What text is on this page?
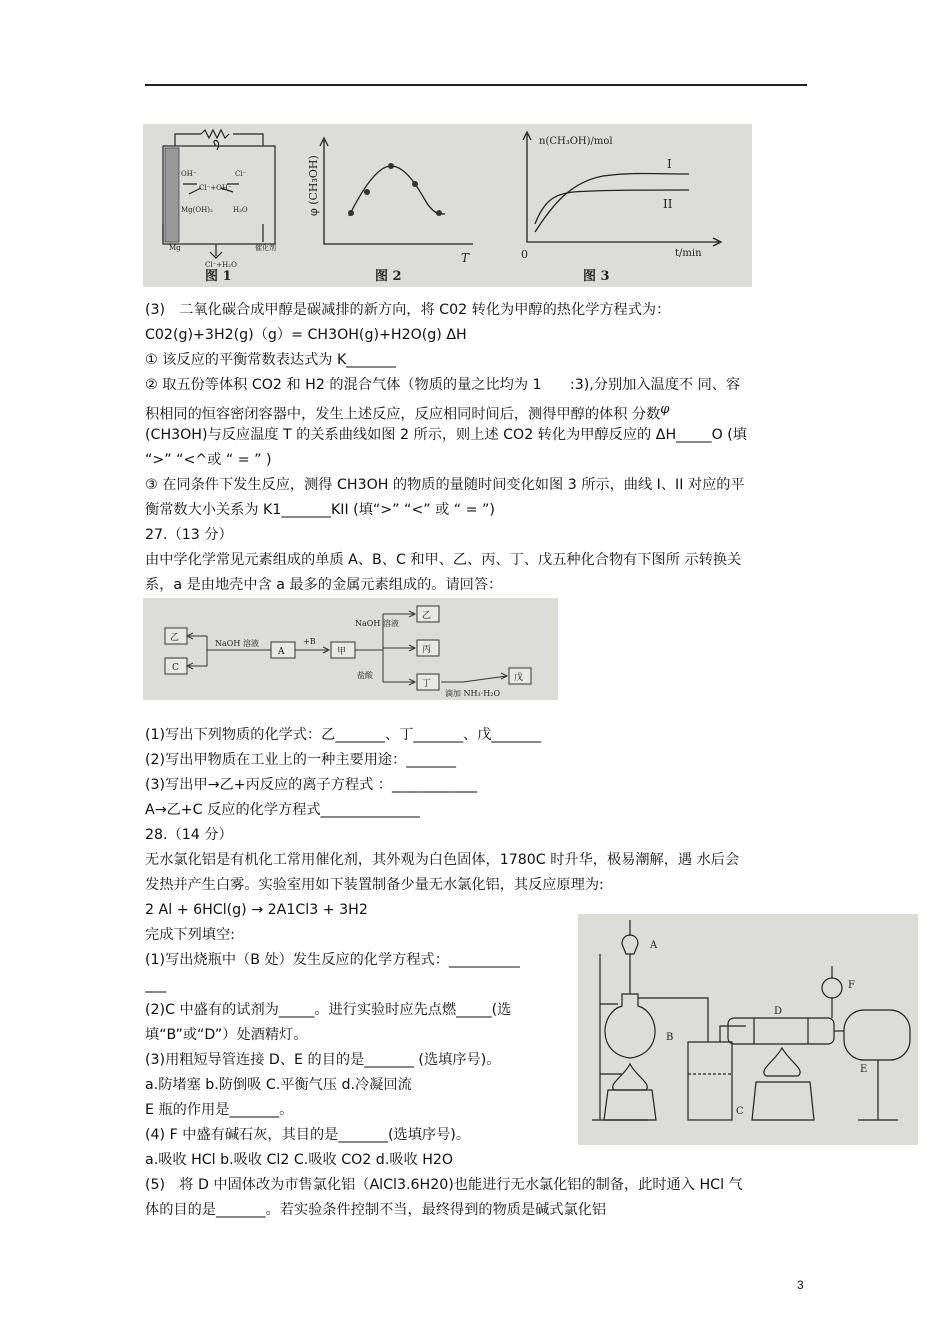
OH⁻	Cl⁻
Cl⁻+OH⁻
Mg(OH)₂	H₂O
Mg
Cl⁻+H₂O
催化剂
图 1
φ (CH₃OH)
T
图 2
n(CH₃OH)/mol
I
II
0	t/min
图 3
(3)　二氧化碳合成甲醇是碳减排的新方向，将 C02 转化为甲醇的热化学方程式为：
C02(g)+3H2(g)（g）= CH3OH(g)+H2O(g) ΔH
① 该反应的平衡常数表达式为 K_______
② 取五份等体积 CO2 和 H2 的混合气体（物质的量之比均为 1　　:3),分别加入温度不 同、容
积相同的恒容密闭容器中，发生上述反应，反应相同时间后，测得甲醇的体积 分数$^\varphi$
(CH3OH)与反应温度 T 的关系曲线如图 2 所示，则上述 CO2 转化为甲醇反应的 ΔH_____O (填
“>” “<^或 “ = ” )
③ 在同条件下发生反应，测得 CH3OH 的物质的量随时间变化如图 3 所示，曲线 I、II 对应的平
衡常数大小关系为 K1_______KII (填“>” “<” 或 “ = ”)
27.（13 分）
由中学化学常见元素组成的单质 A、B、C 和甲、乙、丙、丁、戊五种化合物有下图所 示转换关
系，a 是由地壳中含 a 最多的金属元素组成的。请回答：
乙
C
A	甲
乙
丙
丁
戊
NaOH 溶液	+B
NaOH 溶液
盐酸
滴加 NH₃·H₂O
(1)写出下列物质的化学式：乙_______、丁_______、戊_______
(2)写出甲物质在工业上的一种主要用途：_______
(3)写出甲→乙+丙反应的离子方程式 ：____________
A→乙+C 反应的化学方程式______________
28.（14 分）
无水氯化铝是有机化工常用催化剂，其外观为白色固体，1780C 时升华，极易潮解，遇 水后会
发热并产生白雾。实验室用如下装置制备少量无水氯化铝，其反应原理为:
2 Al + 6HCl(g) → 2A1Cl3 + 3H2
完成下列填空:
(1)写出烧瓶中（B 处）发生反应的化学方程式：__________
___
(2)C 中盛有的试剂为_____。进行实验时应先点燃_____(选
填“B”或“D”）处酒精灯。
(3)用粗短导管连接 D、E 的目的是_______ (选填序号)。
a.防堵塞 b.防倒吸 C.平衡气压 d.冷凝回流
E 瓶的作用是_______。
(4) F 中盛有碱石灰，其目的是_______(选填序号)。
a.吸收 HCl b.吸收 Cl2 C.吸收 CO2 d.吸收 H2O
(5)　将 D 中固体改为市售氯化铝（AlCl3.6H20)也能进行无水氯化铝的制备，此时通入 HCl 气
体的目的是_______。若实验条件控制不当，最终得到的物质是碱式氯化铝
A
B
C
D
E
F
3
